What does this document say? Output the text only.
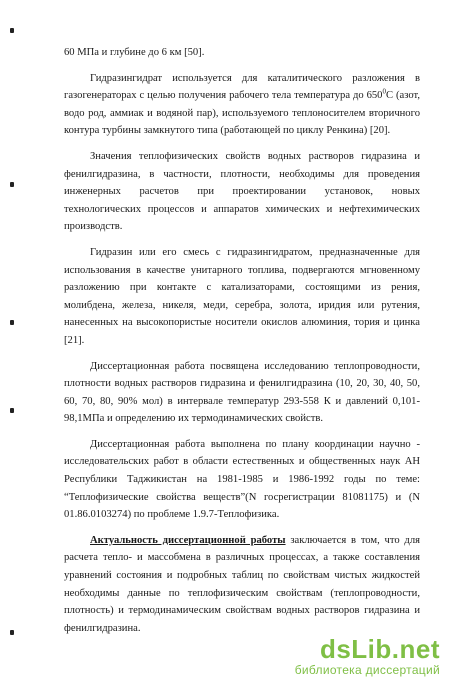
60 МПа и глубине до 6 км [50].

Гидразингидрат используется для каталитического разложения в газогенераторах с целью получения рабочего тела температура до $650^0С$ (азот, водо род, аммиак и водяной пар), используемого теплоносителем вторичного контура турбины замкнутого типа (работающей по циклу Ренкина) [20].

Значения теплофизических свойств водных растворов гидразина и фенилгидразина, в частности, плотности, необходимы для проведения инженерных расчетов при проектировании установок, новых технологических процессов и аппаратов химических и нефтехимических производств.

Гидразин или его смесь с гидразингидратом, предназначенные для использования в качестве унитарного топлива, подвергаются мгновенному разложению при контакте с катализаторами, состоящими из рения, молибдена, железа, никеля, меди, серебра, золота, иридия или рутения, нанесенных на высокопористые носители окислов алюминия, тория и цинка [21].

Диссертационная работа посвящена исследованию теплопроводности, плотности водных растворов гидразина и фенилгидразина (10, 20, 30, 40, 50, 60, 70, 80, 90% мол) в интервале температур 293-558 К и давлений 0,101-98,1МПа и определению их термодинамических свойств.

Диссертационная работа выполнена по плану координации научно - исследовательских работ в области естественных и общественных наук АН Республики Таджикистан на 1981-1985 и 1986-1992 годы по теме: “Теплофизические свойства веществ”(N госрегистрации 81081175) и (N 01.86.0103274) по проблеме 1.9.7-Теплофизика.

Актуальность диссертационной работы заключается в том, что для расчета тепло- и массобмена в различных процессах, а также составления уравнений состояния и подробных таблиц по свойствам чистых жидкостей необходимы данные по теплофизическим свойствам (теплопроводности, плотность) и термодинамическим свойствам водных растворов гидразина и фенилгидразина.

dsLib.net
библиотека диссертаций
